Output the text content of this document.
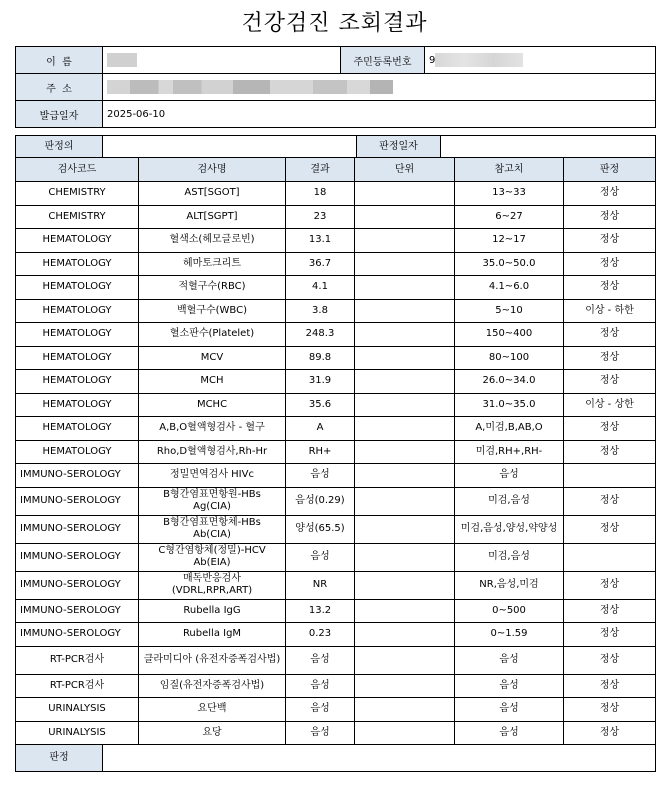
건강검진 조회결과
이  름		주민등록번호	9
주  소			
발급일자	2025-06-10		
판정의					판정일자			
검사코드		검사명	결과	단위			참고치	판정
CHEMISTRY		AST[SGOT]	18				13~33	정상
CHEMISTRY		ALT[SGPT]	23				6~27	정상
HEMATOLOGY		혈색소(헤모글로빈)	13.1				12~17	정상
HEMATOLOGY		헤마토크리트	36.7				35.0~50.0	정상
HEMATOLOGY		적혈구수(RBC)	4.1				4.1~6.0	정상
HEMATOLOGY		백혈구수(WBC)	3.8				5~10	이상 - 하한
HEMATOLOGY		혈소판수(Platelet)	248.3				150~400	정상
HEMATOLOGY		MCV	89.8				80~100	정상
HEMATOLOGY		MCH	31.9				26.0~34.0	정상
HEMATOLOGY		MCHC	35.6				31.0~35.0	이상 - 상한
HEMATOLOGY		A,B,O혈액형검사 - 혈구	A				A,미검,B,AB,O	정상
HEMATOLOGY		Rho,D혈액형검사,Rh-Hr	RH+				미검,RH+,RH-	정상
IMMUNO-SEROLOGY		정밀면역검사 HIVc	음성				음성	
IMMUNO-SEROLOGY		B형간염표면항원-HBs Ag(CIA)	음성(0.29)				미검,음성	정상
IMMUNO-SEROLOGY		B형간염표면항체-HBs Ab(CIA)	양성(65.5)				미검,음성,양성,약양성	정상
IMMUNO-SEROLOGY		C형간염항체(정밀)-HCV Ab(EIA)	음성				미검,음성	
IMMUNO-SEROLOGY		매독반응검사 (VDRL,RPR,ART)	NR				NR,음성,미검	정상
IMMUNO-SEROLOGY		Rubella IgG	13.2				0~500	정상
IMMUNO-SEROLOGY		Rubella IgM	0.23				0~1.59	정상
RT-PCR검사		클라미디아 (유전자증폭검사법)	음성				음성	정상
RT-PCR검사		임질(유전자증폭검사법)	음성				음성	정상
URINALYSIS		요단백	음성				음성	정상
URINALYSIS		요당	음성				음성	정상
판정								
